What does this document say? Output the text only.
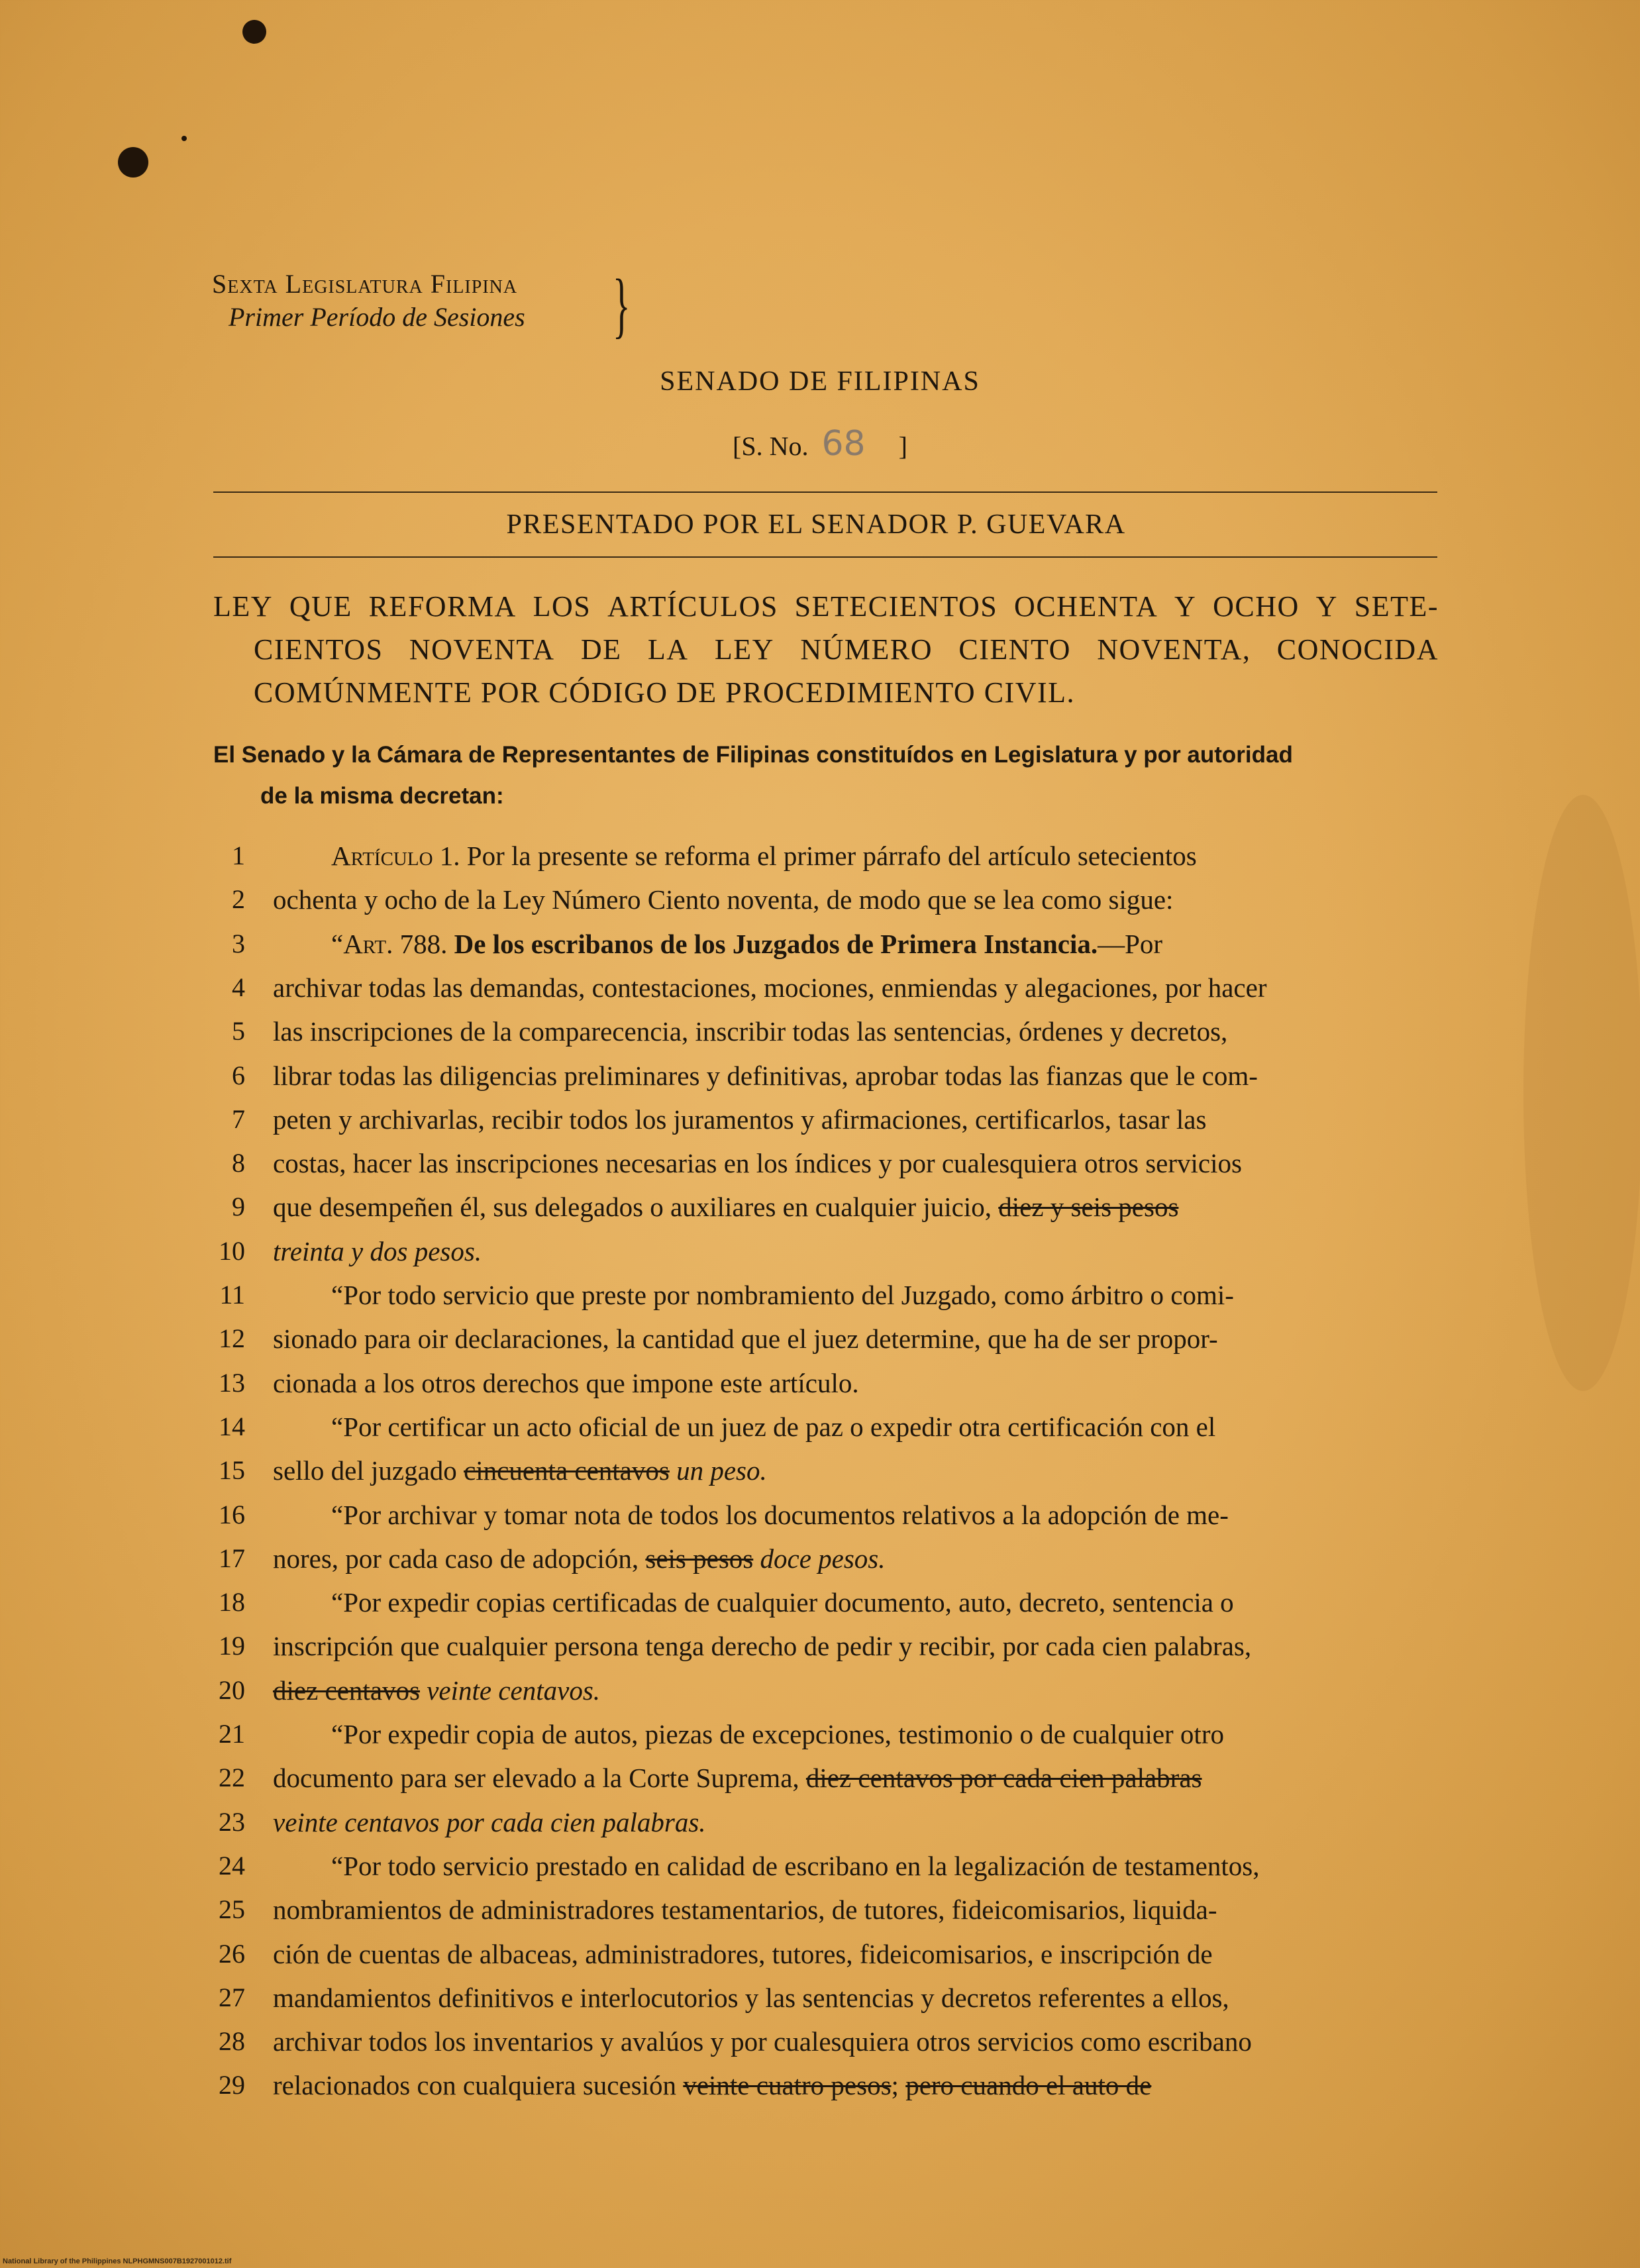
Sexta Legislatura Filipina
Primer Período de Sesiones }
SENADO DE FILIPINAS
[S. No. 68 ]
PRESENTADO POR EL SENADOR P. GUEVARA
LEY QUE REFORMA LOS ARTÍCULOS SETECIENTOS OCHENTA Y OCHO Y SETE-
CIENTOS NOVENTA DE LA LEY NÚMERO CIENTO NOVENTA, CONOCIDA
COMÚNMENTE POR CÓDIGO DE PROCEDIMIENTO CIVIL.
El Senado y la Cámara de Representantes de Filipinas constituídos en Legislatura y por autoridad
de la misma decretan:
1	Artículo 1. Por la presente se reforma el primer párrafo del artículo setecientos
2 ochenta y ocho de la Ley Número Ciento noventa, de modo que se lea como sigue:
3	“Art. 788. De los escribanos de los Juzgados de Primera Instancia.—Por
4 archivar todas las demandas, contestaciones, mociones, enmiendas y alegaciones, por hacer
5 las inscripciones de la comparecencia, inscribir todas las sentencias, órdenes y decretos,
6 librar todas las diligencias preliminares y definitivas, aprobar todas las fianzas que le com-
7 peten y archivarlas, recibir todos los juramentos y afirmaciones, certificarlos, tasar las
8 costas, hacer las inscripciones necesarias en los índices y por cualesquiera otros servicios
9 que desempeñen él, sus delegados o auxiliares en cualquier juicio, diez y seis pesos
10 treinta y dos pesos.
11	“Por todo servicio que preste por nombramiento del Juzgado, como árbitro o comi-
12 sionado para oir declaraciones, la cantidad que el juez determine, que ha de ser propor-
13 cionada a los otros derechos que impone este artículo.
14	“Por certificar un acto oficial de un juez de paz o expedir otra certificación con el
15 sello del juzgado cincuenta centavos un peso.
16	“Por archivar y tomar nota de todos los documentos relativos a la adopción de me-
17 nores, por cada caso de adopción, seis pesos doce pesos.
18	“Por expedir copias certificadas de cualquier documento, auto, decreto, sentencia o
19 inscripción que cualquier persona tenga derecho de pedir y recibir, por cada cien palabras,
20 diez centavos veinte centavos.
21	“Por expedir copia de autos, piezas de excepciones, testimonio o de cualquier otro
22 documento para ser elevado a la Corte Suprema, diez centavos por cada cien palabras
23 veinte centavos por cada cien palabras.
24	“Por todo servicio prestado en calidad de escribano en la legalización de testamentos,
25 nombramientos de administradores testamentarios, de tutores, fideicomisarios, liquida-
26 ción de cuentas de albaceas, administradores, tutores, fideicomisarios, e inscripción de
27 mandamientos definitivos e interlocutorios y las sentencias y decretos referentes a ellos,
28 archivar todos los inventarios y avalúos y por cualesquiera otros servicios como escribano
29 relacionados con cualquiera sucesión veinte cuatro pesos; pero cuando el auto de
National Library of the Philippines NLPHGMNS007B1927001012.tif
